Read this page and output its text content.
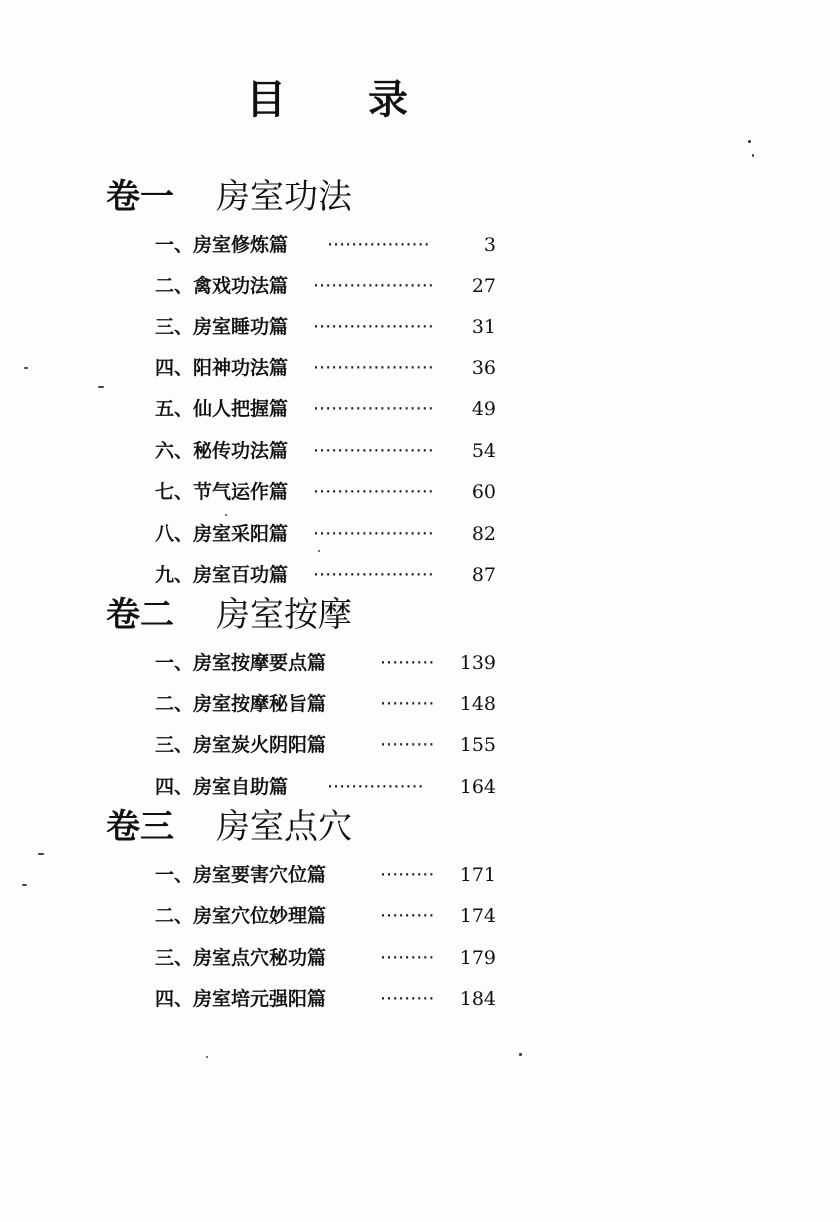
目 录
卷一 房室功法
一、房室修炼篇 ·················	3
二、禽戏功法篇 ····················	27
三、房室睡功篇 ····················	31
四、阳神功法篇 ····················	36
五、仙人把握篇 ····················	49
六、秘传功法篇 ····················	54
七、节气运作篇 ····················	60
八、房室采阳篇 ····················	82
九、房室百功篇 ····················	87
卷二 房室按摩
一、房室按摩要点篇	·········	139
二、房室按摩秘旨篇	·········	148
三、房室炭火阴阳篇	·········	155
四、房室自助篇 ················	164
卷三 房室点穴
一、房室要害穴位篇	·········	171
二、房室穴位妙理篇	·········	174
三、房室点穴秘功篇	·········	179
四、房室培元强阳篇	·········	184
